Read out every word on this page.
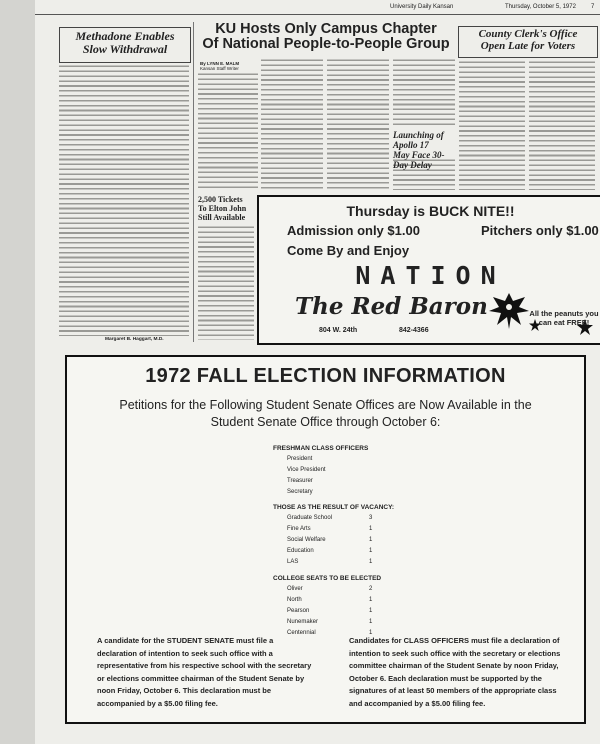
University Daily Kansan	Thursday, October 5, 1972	7
Methadone Enables
Slow Withdrawal
Margaret B. Haggart, M.D.
KU Hosts Only Campus Chapter
Of National People-to-People Group
By LYNN E. MALM
Kansan Staff Writer
County Clerk's Office
Open Late for Voters
Launching of Apollo 17
May Face 30-Day Delay
2,500 Tickets
To Elton John
Still Available	Thursday is BUCK NITE!!
Admission only $1.00	Pitchers only $1.00
Come By and Enjoy
NATION
The Red Baron
804 W. 24th	842-4366
All the peanuts you can eat FREE!
1972 FALL ELECTION INFORMATION
Petitions for the Following Student Senate Offices are Now Available in the Student Senate Office through October 6:
FRESHMAN CLASS OFFICERS
President
Vice President
Treasurer
Secretary
THOSE AS THE RESULT OF VACANCY:
Graduate School	3
Fine Arts	1
Social Welfare	1
Education	1
LAS	1
COLLEGE SEATS TO BE ELECTED
Oliver	2
North	1
Pearson	1
Nunemaker	1
Centennial	1
A candidate for the STUDENT SENATE must file a declaration of intention to seek such office with a representative from his respective school with the secretary or elections committee chairman of the Student Senate by noon Friday, October 6. This declaration must be accompanied by a $5.00 filing fee.
Candidates for CLASS OFFICERS must file a declaration of intention to seek such office with the secretary or elections committee chairman of the Student Senate by noon Friday, October 6. Each declaration must be supported by the signatures of at least 50 members of the appropriate class and accompanied by a $5.00 filing fee.
